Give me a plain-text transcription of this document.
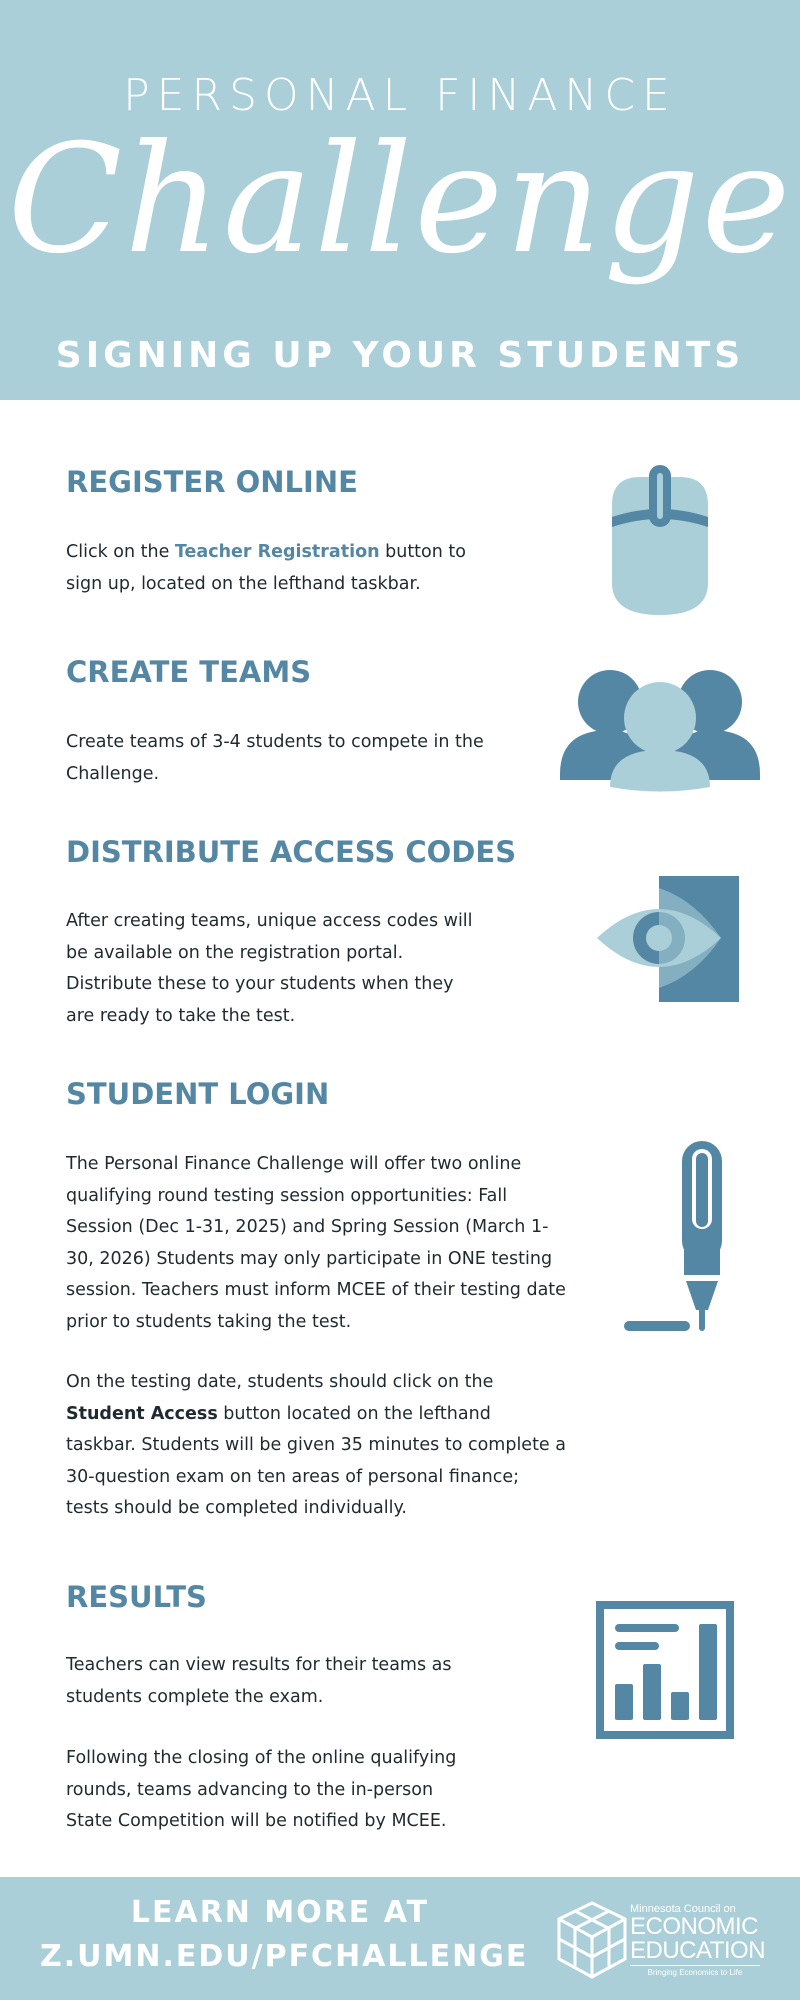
PERSONAL FINANCE
Challenge
SIGNING UP YOUR STUDENTS
REGISTER ONLINE
Click on the Teacher Registration button to sign up, located on the lefthand taskbar.
CREATE TEAMS
Create teams of 3-4 students to compete in the Challenge.
DISTRIBUTE ACCESS CODES
After creating teams, unique access codes will be available on the registration portal. Distribute these to your students when they are ready to take the test.
STUDENT LOGIN
The Personal Finance Challenge will offer two online qualifying round testing session opportunities: Fall Session (Dec 1-31, 2025) and Spring Session (March 1-30, 2026) Students may only participate in ONE testing session. Teachers must inform MCEE of their testing date prior to students taking the test.
On the testing date, students should click on the Student Access button located on the lefthand taskbar. Students will be given 35 minutes to complete a 30-question exam on ten areas of personal finance; tests should be completed individually.
RESULTS
Teachers can view results for their teams as students complete the exam.
Following the closing of the online qualifying rounds, teams advancing to the in-person State Competition will be notified by MCEE.
LEARN MORE AT
Z.UMN.EDU/PFCHALLENGE
Minnesota Council on
ECONOMIC
EDUCATION
Bringing Economics to Life
